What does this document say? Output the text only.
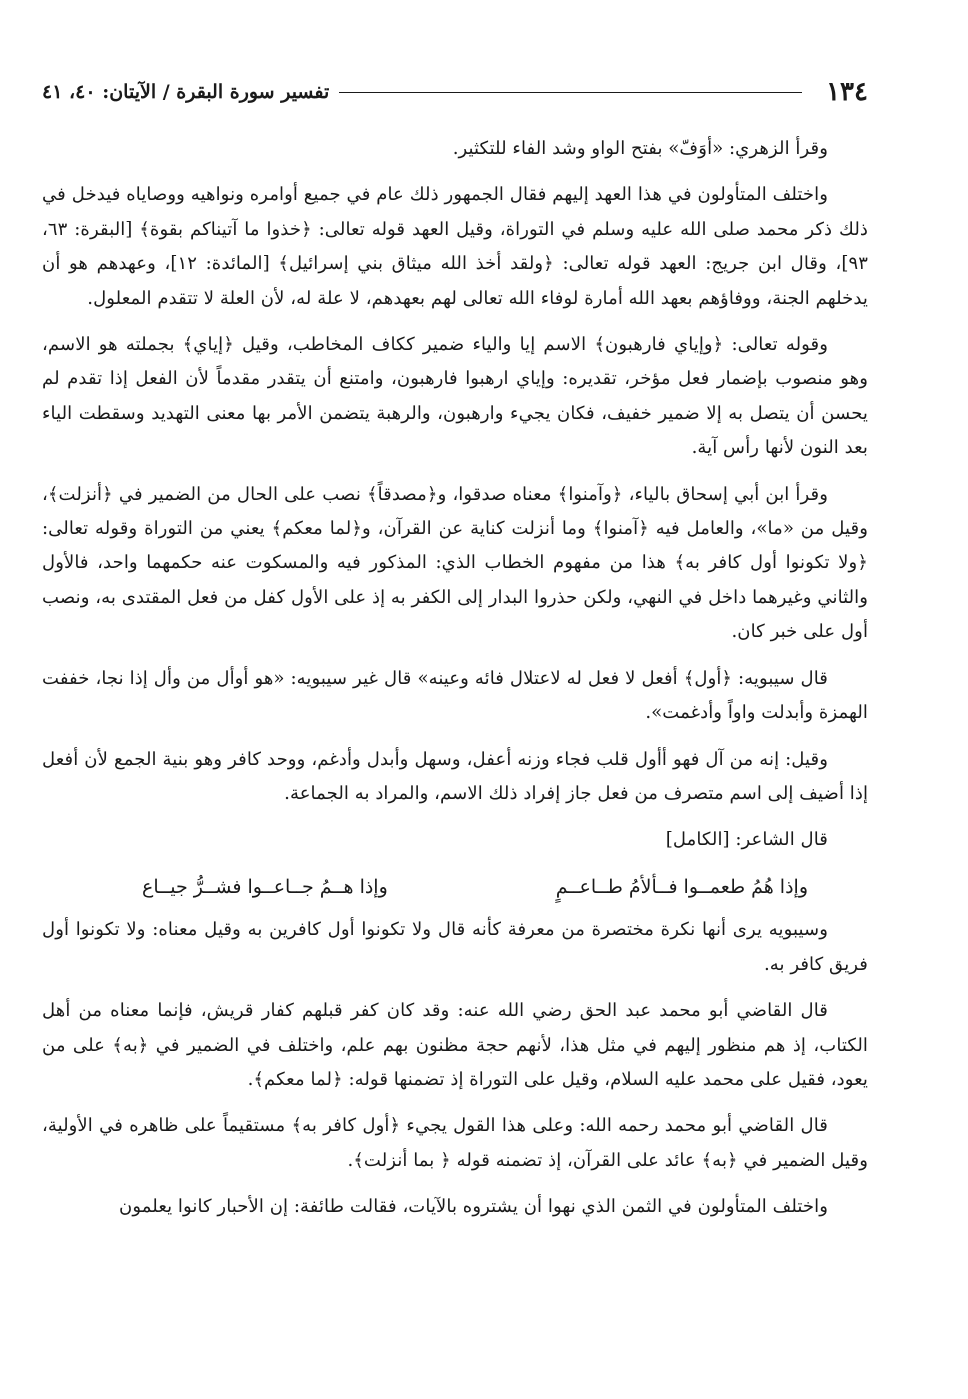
١٣٤
تفسير سورة البقرة / الآيتان: ٤٠، ٤١

وقرأ الزهري: «أوَفّ» بفتح الواو وشد الفاء للتكثير.

واختلف المتأولون في هذا العهد إليهم فقال الجمهور ذلك عام في جميع أوامره ونواهيه ووصاياه فيدخل في ذلك ذكر محمد صلى الله عليه وسلم في التوراة، وقيل العهد قوله تعالى: ﴿خذوا ما آتيناكم بقوة﴾ [البقرة: ٦٣، ٩٣]، وقال ابن جريج: العهد قوله تعالى: ﴿ولقد أخذ الله ميثاق بني إسرائيل﴾ [المائدة: ١٢]، وعهدهم هو أن يدخلهم الجنة، ووفاؤهم بعهد الله أمارة لوفاء الله تعالى لهم بعهدهم، لا علة له، لأن العلة لا تتقدم المعلول.

وقوله تعالى: ﴿وإياي فارهبون﴾ الاسم إيا والياء ضمير ككاف المخاطب، وقيل ﴿إياي﴾ بجملته هو الاسم، وهو منصوب بإضمار فعل مؤخر، تقديره: وإياي ارهبوا فارهبون، وامتنع أن يتقدر مقدماً لأن الفعل إذا تقدم لم يحسن أن يتصل به إلا ضمير خفيف، فكان يجيء وارهبون، والرهبة يتضمن الأمر بها معنى التهديد وسقطت الياء بعد النون لأنها رأس آية.

وقرأ ابن أبي إسحاق بالياء، ﴿وآمنوا﴾ معناه صدقوا، و﴿مصدقاً﴾ نصب على الحال من الضمير في ﴿أنزلت﴾، وقيل من «ما»، والعامل فيه ﴿آمنوا﴾ وما أنزلت كناية عن القرآن، و﴿لما معكم﴾ يعني من التوراة وقوله تعالى: ﴿ولا تكونوا أول كافر به﴾ هذا من مفهوم الخطاب الذي: المذكور فيه والمسكوت عنه حكمهما واحد، فالأول والثاني وغيرهما داخل في النهي، ولكن حذروا البدار إلى الكفر به إذ على الأول كفل من فعل المقتدى به، ونصب أول على خبر كان.

قال سيبويه: ﴿أول﴾ أفعل لا فعل له لاعتلال فائه وعينه» قال غير سيبويه: «هو أوأل من وأل إذا نجا، خففت الهمزة وأبدلت واواً وأدغمت».

وقيل: إنه من آل فهو أأول قلب فجاء وزنه أعفل، وسهل وأبدل وأدغم، ووحد كافر وهو بنية الجمع لأن أفعل إذا أضيف إلى اسم متصرف من فعل جاز إفراد ذلك الاسم، والمراد به الجماعة.

قال الشاعر: [الكامل]

وإذا هُمُ طعمــوا فــألأمُ طــاعــمٍ
وإذا هــمُ جــاعــوا فشــرُّ جيــاع

وسيبويه يرى أنها نكرة مختصرة من معرفة كأنه قال ولا تكونوا أول كافرين به وقيل معناه: ولا تكونوا أول فريق كافر به.

قال القاضي أبو محمد عبد الحق رضي الله عنه: وقد كان كفر قبلهم كفار قريش، فإنما معناه من أهل الكتاب، إذ هم منظور إليهم في مثل هذا، لأنهم حجة مظنون بهم علم، واختلف في الضمير في ﴿به﴾ على من يعود، فقيل على محمد عليه السلام، وقيل على التوراة إذ تضمنها قوله: ﴿لما معكم﴾.

قال القاضي أبو محمد رحمه الله: وعلى هذا القول يجيء ﴿أول كافر به﴾ مستقيماً على ظاهره في الأولية، وقيل الضمير في ﴿به﴾ عائد على القرآن، إذ تضمنه قوله ﴿ بما أنزلت﴾.

واختلف المتأولون في الثمن الذي نهوا أن يشتروه بالآيات، فقالت طائفة: إن الأحبار كانوا يعلمون
